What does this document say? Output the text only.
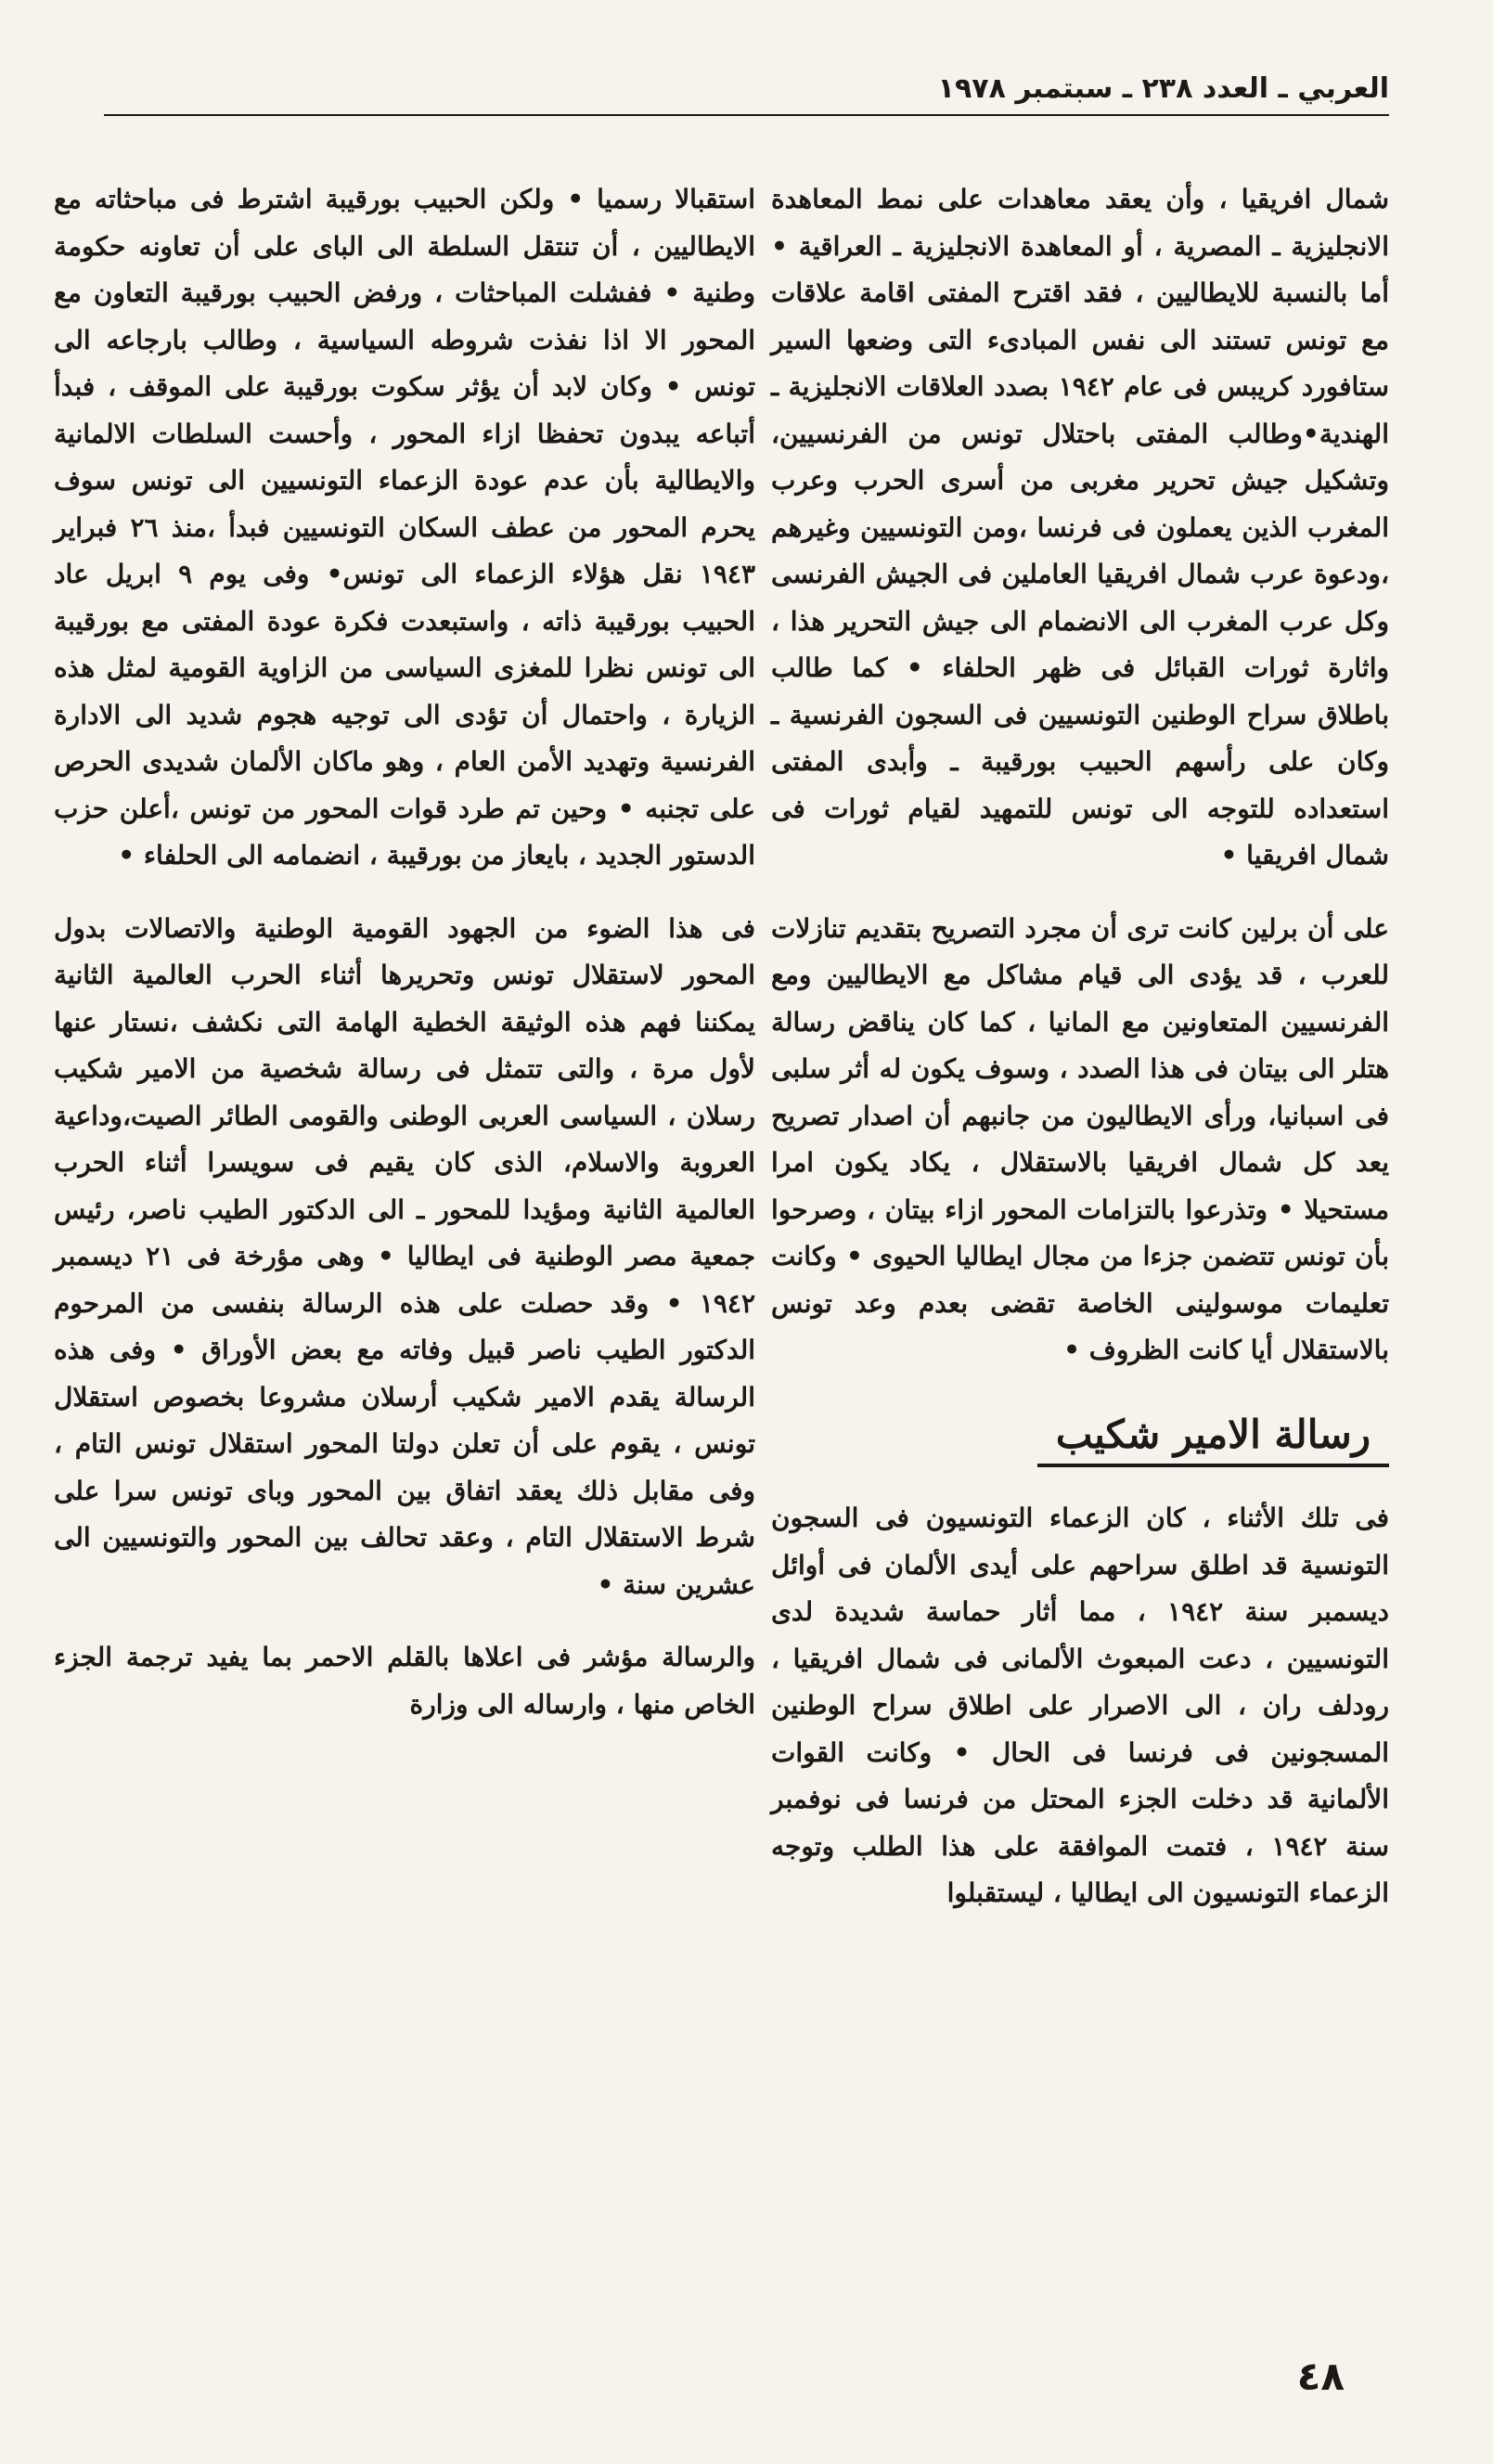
العربي ـ العدد ٢٣٨ ـ سبتمبر ١٩٧٨

شمال افريقيا ، وأن يعقد معاهدات على نمط المعاهدة الانجليزية ـ المصرية ، أو المعاهدة الانجليزية ـ العراقية • أما بالنسبة للايطاليين ، فقد اقترح المفتى اقامة علاقات مع تونس تستند الى نفس المبادىء التى وضعها السير ستافورد كريبس فى عام ١٩٤٢ بصدد العلاقات الانجليزية ـ الهندية•وطالب المفتى باحتلال تونس من الفرنسيين، وتشكيل جيش تحرير مغربى من أسرى الحرب وعرب المغرب الذين يعملون فى فرنسا ،ومن التونسيين وغيرهم ،ودعوة عرب شمال افريقيا العاملين فى الجيش الفرنسى وكل عرب المغرب الى الانضمام الى جيش التحرير هذا ، واثارة ثورات القبائل فى ظهر الحلفاء • كما طالب باطلاق سراح الوطنين التونسيين فى السجون الفرنسية ـ وكان على رأسهم الحبيب بورقيبة ـ وأبدى المفتى استعداده للتوجه الى تونس للتمهيد لقيام ثورات فى شمال افريقيا •

على أن برلين كانت ترى أن مجرد التصريح بتقديم تنازلات للعرب ، قد يؤدى الى قيام مشاكل مع الايطاليين ومع الفرنسيين المتعاونين مع المانيا ، كما كان يناقض رسالة هتلر الى بيتان فى هذا الصدد ، وسوف يكون له أثر سلبى فى اسبانيا، ورأى الايطاليون من جانبهم أن اصدار تصريح يعد كل شمال افريقيا بالاستقلال ، يكاد يكون امرا مستحيلا • وتذرعوا بالتزامات المحور ازاء بيتان ، وصرحوا بأن تونس تتضمن جزءا من مجال ايطاليا الحيوى • وكانت تعليمات موسولينى الخاصة تقضى بعدم وعد تونس بالاستقلال أيا كانت الظروف •

رسالة الامير شكيب

فى تلك الأثناء ، كان الزعماء التونسيون فى السجون التونسية قد اطلق سراحهم على أيدى الألمان فى أوائل ديسمبر سنة ١٩٤٢ ، مما أثار حماسة شديدة لدى التونسيين ، دعت المبعوث الألمانى فى شمال افريقيا ، رودلف ران ، الى الاصرار على اطلاق سراح الوطنين المسجونين فى فرنسا فى الحال • وكانت القوات الألمانية قد دخلت الجزء المحتل من فرنسا فى نوفمبر سنة ١٩٤٢ ، فتمت الموافقة على هذا الطلب وتوجه الزعماء التونسيون الى ايطاليا ، ليستقبلوا

استقبالا رسميا • ولكن الحبيب بورقيبة اشترط فى مباحثاته مع الايطاليين ، أن تنتقل السلطة الى الباى على أن تعاونه حكومة وطنية • ففشلت المباحثات ، ورفض الحبيب بورقيبة التعاون مع المحور الا اذا نفذت شروطه السياسية ، وطالب بارجاعه الى تونس • وكان لابد أن يؤثر سكوت بورقيبة على الموقف ، فبدأ أتباعه يبدون تحفظا ازاء المحور ، وأحست السلطات الالمانية والايطالية بأن عدم عودة الزعماء التونسيين الى تونس سوف يحرم المحور من عطف السكان التونسيين فبدأ ،منذ ٢٦ فبراير ١٩٤٣ نقل هؤلاء الزعماء الى تونس• وفى يوم ٩ ابريل عاد الحبيب بورقيبة ذاته ، واستبعدت فكرة عودة المفتى مع بورقيبة الى تونس نظرا للمغزى السياسى من الزاوية القومية لمثل هذه الزيارة ، واحتمال أن تؤدى الى توجيه هجوم شديد الى الادارة الفرنسية وتهديد الأمن العام ، وهو ماكان الألمان شديدى الحرص على تجنبه • وحين تم طرد قوات المحور من تونس ،أعلن حزب الدستور الجديد ، بايعاز من بورقيبة ، انضمامه الى الحلفاء •

فى هذا الضوء من الجهود القومية الوطنية والاتصالات بدول المحور لاستقلال تونس وتحريرها أثناء الحرب العالمية الثانية يمكننا فهم هذه الوثيقة الخطية الهامة التى نكشف ،نستار عنها لأول مرة ، والتى تتمثل فى رسالة شخصية من الامير شكيب رسلان ، السياسى العربى الوطنى والقومى الطائر الصيت،وداعية العروبة والاسلام، الذى كان يقيم فى سويسرا أثناء الحرب العالمية الثانية ومؤيدا للمحور ـ الى الدكتور الطيب ناصر، رئيس جمعية مصر الوطنية فى ايطاليا • وهى مؤرخة فى ٢١ ديسمبر ١٩٤٢ • وقد حصلت على هذه الرسالة بنفسى من المرحوم الدكتور الطيب ناصر قبيل وفاته مع بعض الأوراق • وفى هذه الرسالة يقدم الامير شكيب أرسلان مشروعا بخصوص استقلال تونس ، يقوم على أن تعلن دولتا المحور استقلال تونس التام ، وفى مقابل ذلك يعقد اتفاق بين المحور وباى تونس سرا على شرط الاستقلال التام ، وعقد تحالف بين المحور والتونسيين الى عشرين سنة •

والرسالة مؤشر فى اعلاها بالقلم الاحمر بما يفيد ترجمة الجزء الخاص منها ، وارساله الى وزارة

٤٨
